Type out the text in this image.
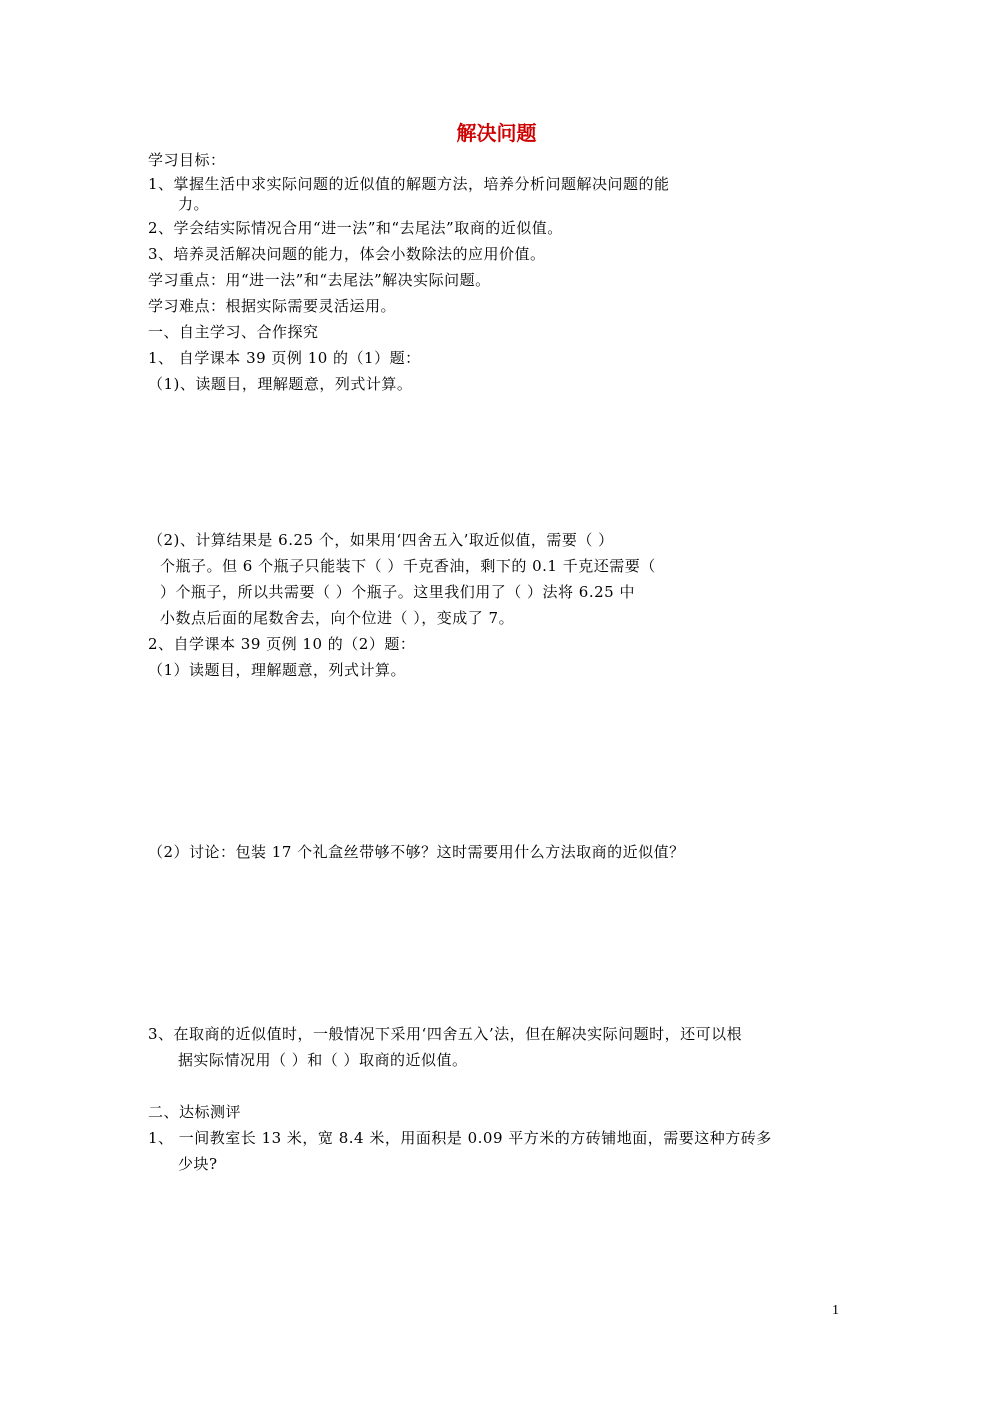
解决问题
学习目标：
1、掌握生活中求实际问题的近似值的解题方法，培养分析问题解决问题的能
力。
2、学会结实际情况合用“进一法”和“去尾法”取商的近似值。
3、培养灵活解决问题的能力，体会小数除法的应用价值。
学习重点：用“进一法”和“去尾法”解决实际问题。
学习难点：根据实际需要灵活运用。
一、自主学习、合作探究
1、 自学课本 39 页例 10 的（1）题：
（1)、读题目，理解题意，列式计算。
（2)、计算结果是 6.25 个，如果用‘四舍五入’取近似值，需要（ ）
个瓶子。但 6 个瓶子只能装下（ ）千克香油，剩下的 0.1 千克还需要（
）个瓶子，所以共需要（ ）个瓶子。这里我们用了（ ）法将 6.25 中
小数点后面的尾数舍去，向个位进（ ），变成了 7。
2、自学课本 39 页例 10 的（2）题：
（1）读题目，理解题意，列式计算。
（2）讨论：包装 17 个礼盒丝带够不够？这时需要用什么方法取商的近似值？
3、在取商的近似值时，一般情况下采用‘四舍五入’法，但在解决实际问题时，还可以根
据实际情况用（ ）和（ ）取商的近似值。
二、达标测评
1、 一间教室长 13 米，宽 8.4 米，用面积是 0.09 平方米的方砖铺地面，需要这种方砖多
少块?
1
